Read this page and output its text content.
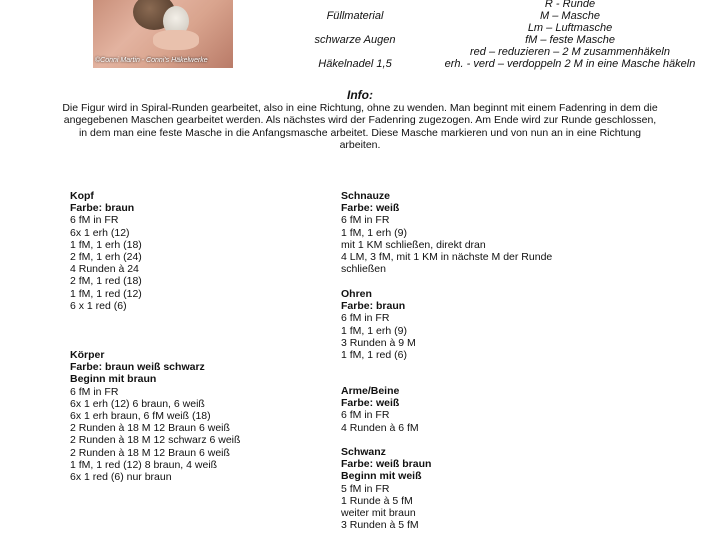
©Conni Martin - Conni's Häkelwerke
Füllmaterial
schwarze Augen
Häkelnadel 1,5
R - Runde
M – Masche
Lm – Luftmasche
fM – feste Masche
red – reduzieren – 2 M zusammenhäkeln
erh. - verd – verdoppeln 2 M in eine Masche häkeln
Info:
Die Figur wird in Spiral-Runden gearbeitet, also in eine Richtung, ohne zu wenden. Man beginnt mit einem Fadenring in dem die angegebenen Maschen gearbeitet werden. Als nächstes wird der Fadenring zugezogen. Am Ende wird zur Runde geschlossen, in dem man eine feste Masche in die Anfangsmasche arbeitet. Diese Masche markieren und von nun an in eine Richtung arbeiten.
Kopf
Farbe: braun
6 fM in FR
6x 1 erh (12)
1 fM, 1 erh (18)
2 fM, 1 erh (24)
4 Runden à 24
2 fM, 1 red (18)
1 fM, 1 red (12)
6 x 1 red (6)
Körper
Farbe: braun weiß schwarz
Beginn mit braun
6 fM in FR
6x 1 erh (12) 6 braun, 6 weiß
6x 1 erh braun, 6 fM weiß (18)
2 Runden à 18 M 12 Braun 6 weiß
2 Runden à 18 M 12 schwarz 6 weiß
2 Runden à 18 M 12 Braun 6 weiß
1 fM, 1 red (12) 8 braun, 4 weiß
6x 1 red (6) nur braun
Schnauze
Farbe: weiß
6 fM in FR
1 fM, 1 erh (9)
mit 1 KM schließen, direkt dran
4 LM, 3 fM, mit 1 KM in nächste M der Runde
schließen
Ohren
Farbe: braun
6 fM in FR
1 fM, 1 erh (9)
3 Runden à 9 M
1 fM, 1 red (6)
Arme/Beine
Farbe: weiß
6 fM in FR
4 Runden à 6 fM
Schwanz
Farbe: weiß braun
Beginn mit weiß
5 fM in FR
1 Runde à 5 fM
weiter mit braun
3 Runden à 5 fM
